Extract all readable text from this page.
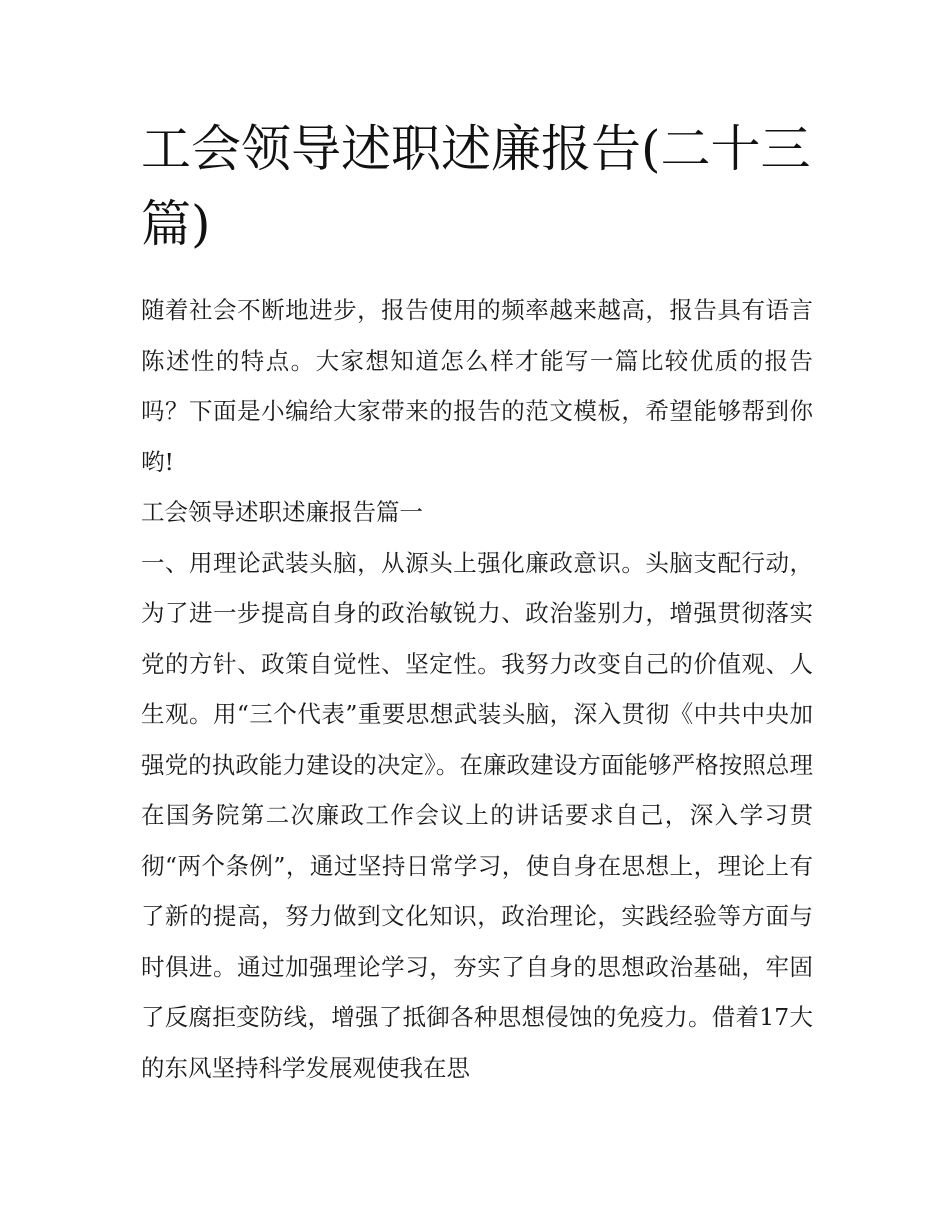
工会领导述职述廉报告(二十三篇)

随着社会不断地进步，报告使用的频率越来越高，报告具有语言陈述性的特点。大家想知道怎么样才能写一篇比较优质的报告吗？下面是小编给大家带来的报告的范文模板，希望能够帮到你哟!

工会领导述职述廉报告篇一

一、用理论武装头脑，从源头上强化廉政意识。头脑支配行动，为了进一步提高自身的政治敏锐力、政治鉴别力，增强贯彻落实党的方针、政策自觉性、坚定性。我努力改变自己的价值观、人生观。用“三个代表”重要思想武装头脑，深入贯彻《中共中央加强党的执政能力建设的决定》。在廉政建设方面能够严格按照总理在国务院第二次廉政工作会议上的讲话要求自己，深入学习贯彻“两个条例”，通过坚持日常学习，使自身在思想上，理论上有了新的提高，努力做到文化知识，政治理论，实践经验等方面与时俱进。通过加强理论学习，夯实了自身的思想政治基础，牢固了反腐拒变防线，增强了抵御各种思想侵蚀的免疫力。借着17大的东风坚持科学发展观使我在思
